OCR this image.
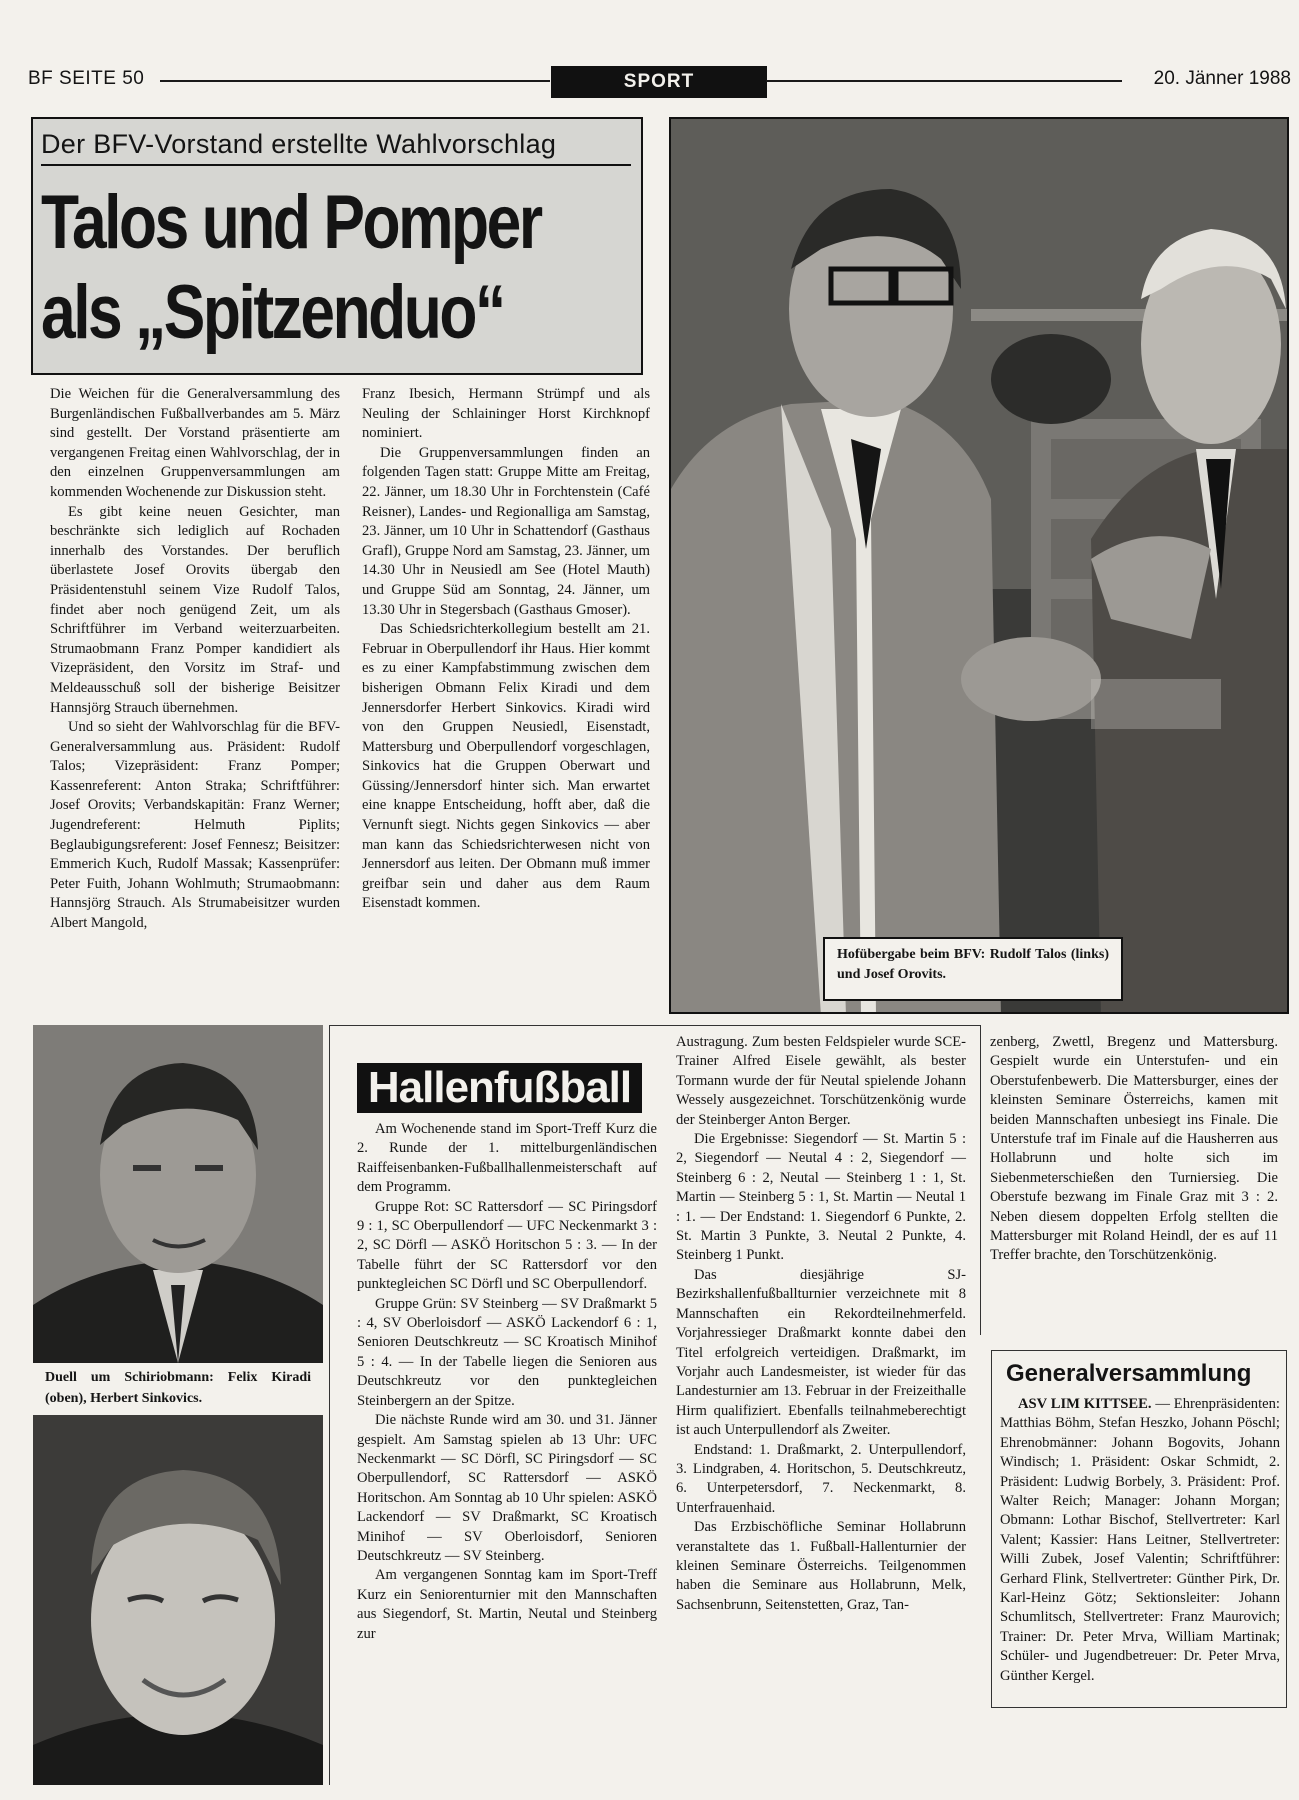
BF SEITE 50	SPORT	20. Jänner 1988
Der BFV-Vorstand erstellte Wahlvorschlag
Talos und Pomper
als „Spitzenduo“

Die Weichen für die Generalversammlung des Burgenländischen Fußballverbandes am 5. März sind gestellt. Der Vorstand präsentierte am vergangenen Freitag einen Wahlvorschlag, der in den einzelnen Gruppenversammlungen am kommenden Wochenende zur Diskussion steht.

Es gibt keine neuen Gesichter, man beschränkte sich lediglich auf Rochaden innerhalb des Vorstandes. Der beruflich überlastete Josef Orovits übergab den Präsidentenstuhl seinem Vize Rudolf Talos, findet aber noch genügend Zeit, um als Schriftführer im Verband weiterzuarbeiten. Strumaobmann Franz Pomper kandidiert als Vizepräsident, den Vorsitz im Straf- und Meldeausschuß soll der bisherige Beisitzer Hannsjörg Strauch übernehmen.

Und so sieht der Wahlvorschlag für die BFV-Generalversammlung aus. Präsident: Rudolf Talos; Vizepräsident: Franz Pomper; Kassenreferent: Anton Straka; Schriftführer: Josef Orovits; Verbandskapitän: Franz Werner; Jugendreferent: Helmuth Piplits; Beglaubigungsreferent: Josef Fennesz; Beisitzer: Emmerich Kuch, Rudolf Massak; Kassenprüfer: Peter Fuith, Johann Wohlmuth; Strumaobmann: Hannsjörg Strauch. Als Strumabeisitzer wurden Albert Mangold,

Franz Ibesich, Hermann Strümpf und als Neuling der Schlaininger Horst Kirchknopf nominiert.

Die Gruppenversammlungen finden an folgenden Tagen statt: Gruppe Mitte am Freitag, 22. Jänner, um 18.30 Uhr in Forchtenstein (Café Reisner), Landes- und Regionalliga am Samstag, 23. Jänner, um 10 Uhr in Schattendorf (Gasthaus Grafl), Gruppe Nord am Samstag, 23. Jänner, um 14.30 Uhr in Neusiedl am See (Hotel Mauth) und Gruppe Süd am Sonntag, 24. Jänner, um 13.30 Uhr in Stegersbach (Gasthaus Gmoser).

Das Schiedsrichterkollegium bestellt am 21. Februar in Oberpullendorf ihr Haus. Hier kommt es zu einer Kampfabstimmung zwischen dem bisherigen Obmann Felix Kiradi und dem Jennersdorfer Herbert Sinkovics. Kiradi wird von den Gruppen Neusiedl, Eisenstadt, Mattersburg und Oberpullendorf vorgeschlagen, Sinkovics hat die Gruppen Oberwart und Güssing/Jennersdorf hinter sich. Man erwartet eine knappe Entscheidung, hofft aber, daß die Vernunft siegt. Nichts gegen Sinkovics — aber man kann das Schiedsrichterwesen nicht von Jennersdorf aus leiten. Der Obmann muß immer greifbar sein und daher aus dem Raum Eisenstadt kommen.

Hofübergabe beim BFV: Rudolf Talos (links) und Josef Orovits.
Duell um Schiriobmann: Felix Kiradi (oben), Herbert Sinkovics.
Hallenfußball

Am Wochenende stand im Sport-Treff Kurz die 2. Runde der 1. mittelburgenländischen Raiffeisenbanken-Fußballhallenmeisterschaft auf dem Programm.

Gruppe Rot: SC Rattersdorf — SC Piringsdorf 9 : 1, SC Oberpullendorf — UFC Neckenmarkt 3 : 2, SC Dörfl — ASKÖ Horitschon 5 : 3. — In der Tabelle führt der SC Rattersdorf vor den punktegleichen SC Dörfl und SC Oberpullendorf.

Gruppe Grün: SV Steinberg — SV Draßmarkt 5 : 4, SV Oberloisdorf — ASKÖ Lackendorf 6 : 1, Senioren Deutschkreutz — SC Kroatisch Minihof 5 : 4. — In der Tabelle liegen die Senioren aus Deutschkreutz vor den punktegleichen Steinbergern an der Spitze.

Die nächste Runde wird am 30. und 31. Jänner gespielt. Am Samstag spielen ab 13 Uhr: UFC Neckenmarkt — SC Dörfl, SC Piringsdorf — SC Oberpullendorf, SC Rattersdorf — ASKÖ Horitschon. Am Sonntag ab 10 Uhr spielen: ASKÖ Lackendorf — SV Draßmarkt, SC Kroatisch Minihof — SV Oberloisdorf, Senioren Deutschkreutz — SV Steinberg.

Am vergangenen Sonntag kam im Sport-Treff Kurz ein Seniorenturnier mit den Mannschaften aus Siegendorf, St. Martin, Neutal und Steinberg zur

Austragung. Zum besten Feldspieler wurde SCE-Trainer Alfred Eisele gewählt, als bester Tormann wurde der für Neutal spielende Johann Wessely ausgezeichnet. Torschützenkönig wurde der Steinberger Anton Berger.

Die Ergebnisse: Siegendorf — St. Martin 5 : 2, Siegendorf — Neutal 4 : 2, Siegendorf — Steinberg 6 : 2, Neutal — Steinberg 1 : 1, St. Martin — Steinberg 5 : 1, St. Martin — Neutal 1 : 1. — Der Endstand: 1. Siegendorf 6 Punkte, 2. St. Martin 3 Punkte, 3. Neutal 2 Punkte, 4. Steinberg 1 Punkt.

Das diesjährige SJ-Bezirkshallenfußballturnier verzeichnete mit 8 Mannschaften ein Rekordteilnehmerfeld. Vorjahressieger Draßmarkt konnte dabei den Titel erfolgreich verteidigen. Draßmarkt, im Vorjahr auch Landesmeister, ist wieder für das Landesturnier am 13. Februar in der Freizeithalle Hirm qualifiziert. Ebenfalls teilnahmeberechtigt ist auch Unterpullendorf als Zweiter.

Endstand: 1. Draßmarkt, 2. Unterpullendorf, 3. Lindgraben, 4. Horitschon, 5. Deutschkreutz, 6. Unterpetersdorf, 7. Neckenmarkt, 8. Unterfrauenhaid.

Das Erzbischöfliche Seminar Hollabrunn veranstaltete das 1. Fußball-Hallenturnier der kleinen Seminare Österreichs. Teilgenommen haben die Seminare aus Hollabrunn, Melk, Sachsenbrunn, Seitenstetten, Graz, Tan-

zenberg, Zwettl, Bregenz und Mattersburg. Gespielt wurde ein Unterstufen- und ein Oberstufenbewerb. Die Mattersburger, eines der kleinsten Seminare Österreichs, kamen mit beiden Mannschaften unbesiegt ins Finale. Die Unterstufe traf im Finale auf die Hausherren aus Hollabrunn und holte sich im Siebenmeterschießen den Turniersieg. Die Oberstufe bezwang im Finale Graz mit 3 : 2. Neben diesem doppelten Erfolg stellten die Mattersburger mit Roland Heindl, der es auf 11 Treffer brachte, den Torschützenkönig.

Generalversammlung

ASV LIM KITTSEE. — Ehrenpräsidenten: Matthias Böhm, Stefan Heszko, Johann Pöschl; Ehrenobmänner: Johann Bogovits, Johann Windisch; 1. Präsident: Oskar Schmidt, 2. Präsident: Ludwig Borbely, 3. Präsident: Prof. Walter Reich; Manager: Johann Morgan; Obmann: Lothar Bischof, Stellvertreter: Karl Valent; Kassier: Hans Leitner, Stellvertreter: Willi Zubek, Josef Valentin; Schriftführer: Gerhard Flink, Stellvertreter: Günther Pirk, Dr. Karl-Heinz Götz; Sektionsleiter: Johann Schumlitsch, Stellvertreter: Franz Maurovich; Trainer: Dr. Peter Mrva, William Martinak; Schüler- und Jugendbetreuer: Dr. Peter Mrva, Günther Kergel.
